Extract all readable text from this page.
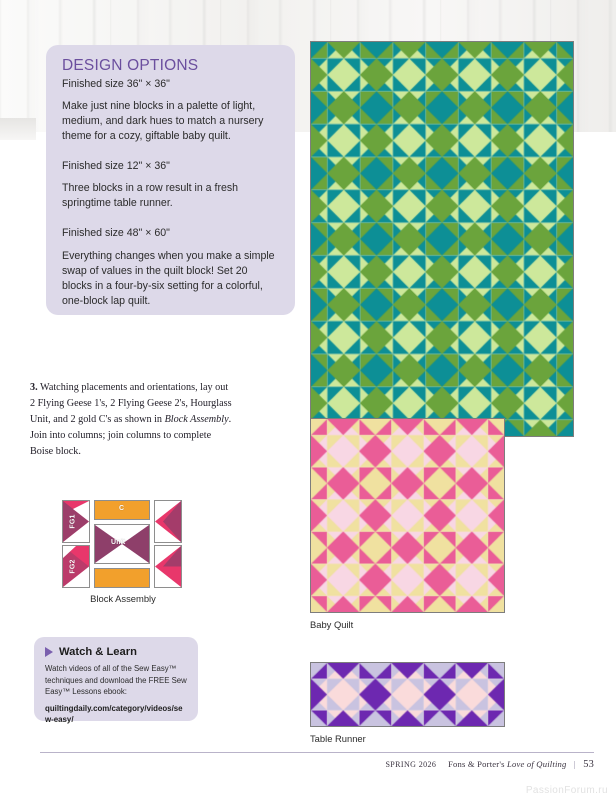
DESIGN OPTIONS
Finished size 36" × 36"
Make just nine blocks in a palette of light, medium, and dark hues to match a nursery theme for a cozy, giftable baby quilt.
Finished size 12" × 36"
Three blocks in a row result in a fresh springtime table runner.
Finished size 48" × 60"
Everything changes when you make a simple swap of values in the quilt block! Set 20 blocks in a four-by-six setting for a colorful, one-block lap quilt.
3. Watching placements and orientations, lay out 2 Flying Geese 1's, 2 Flying Geese 2's, Hourglass Unit, and 2 gold C's as shown in Block Assembly. Join into columns; join columns to complete Boise block.
FG1
FG2
C
Unit
Block Assembly
Watch & Learn
Watch videos of all of the Sew Easy™ techniques and download the FREE Sew Easy™ Lessons ebook:
quiltingdaily.com/category/videos/sew-easy/
Baby Quilt
Table Runner
SPRING 2026 Fons & Porter's Love of Quilting | 53
PassionForum.ru
